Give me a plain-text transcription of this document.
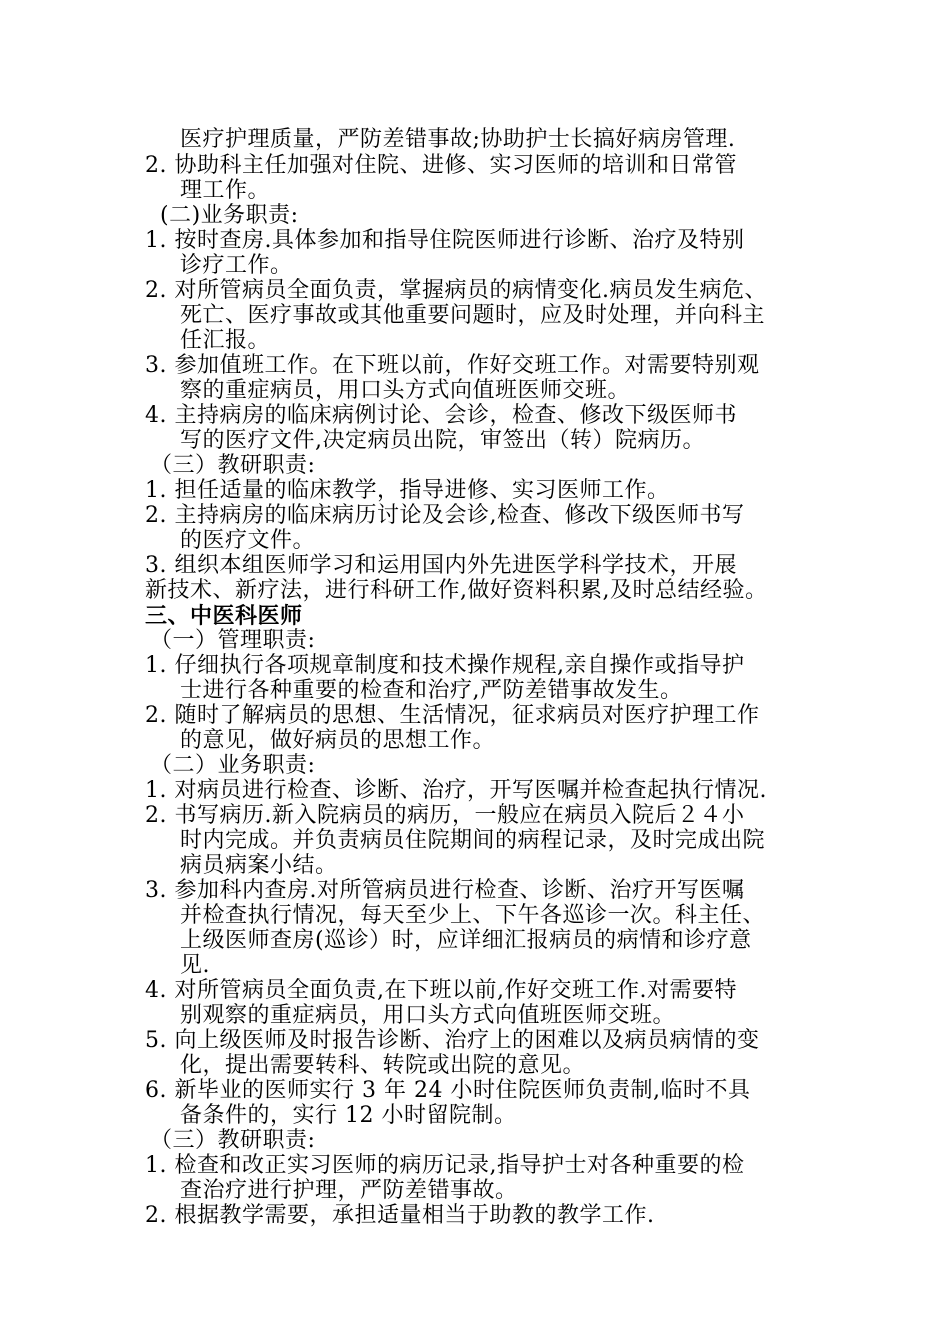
医疗护理质量，严防差错事故;协助护士长搞好病房管理.
2. 协助科主任加强对住院、进修、实习医师的培训和日常管
理工作。
(二)业务职责:
1. 按时查房.具体参加和指导住院医师进行诊断、治疗及特别
诊疗工作。
2. 对所管病员全面负责，掌握病员的病情变化.病员发生病危、
死亡、医疗事故或其他重要问题时，应及时处理，并向科主
任汇报。
3. 参加值班工作。在下班以前，作好交班工作。对需要特别观
察的重症病员，用口头方式向值班医师交班。
4. 主持病房的临床病例讨论、会诊，检查、修改下级医师书
写的医疗文件,决定病员出院，审签出（转）院病历。
（三）教研职责:
1. 担任适量的临床教学，指导进修、实习医师工作。
2. 主持病房的临床病历讨论及会诊,检查、修改下级医师书写
的医疗文件。
3. 组织本组医师学习和运用国内外先进医学科学技术，开展
新技术、新疗法，进行科研工作,做好资料积累,及时总结经验。
三、中医科医师
（一）管理职责:
1. 仔细执行各项规章制度和技术操作规程,亲自操作或指导护
士进行各种重要的检查和治疗,严防差错事故发生。
2. 随时了解病员的思想、生活情况，征求病员对医疗护理工作
的意见，做好病员的思想工作。
（二）业务职责:
1. 对病员进行检查、诊断、治疗，开写医嘱并检查起执行情况.
2. 书写病历.新入院病员的病历，一般应在病员入院后２４小
时内完成。并负责病员住院期间的病程记录，及时完成出院
病员病案小结。
3. 参加科内查房.对所管病员进行检查、诊断、治疗开写医嘱
并检查执行情况，每天至少上、下午各巡诊一次。科主任、
上级医师查房(巡诊）时，应详细汇报病员的病情和诊疗意
见.
4. 对所管病员全面负责,在下班以前,作好交班工作.对需要特
别观察的重症病员，用口头方式向值班医师交班。
5. 向上级医师及时报告诊断、治疗上的困难以及病员病情的变
化，提出需要转科、转院或出院的意见。
6. 新毕业的医师实行 3 年 24 小时住院医师负责制,临时不具
备条件的，实行 12 小时留院制。
（三）教研职责:
1. 检查和改正实习医师的病历记录,指导护士对各种重要的检
查治疗进行护理，严防差错事故。
2. 根据教学需要，承担适量相当于助教的教学工作.
